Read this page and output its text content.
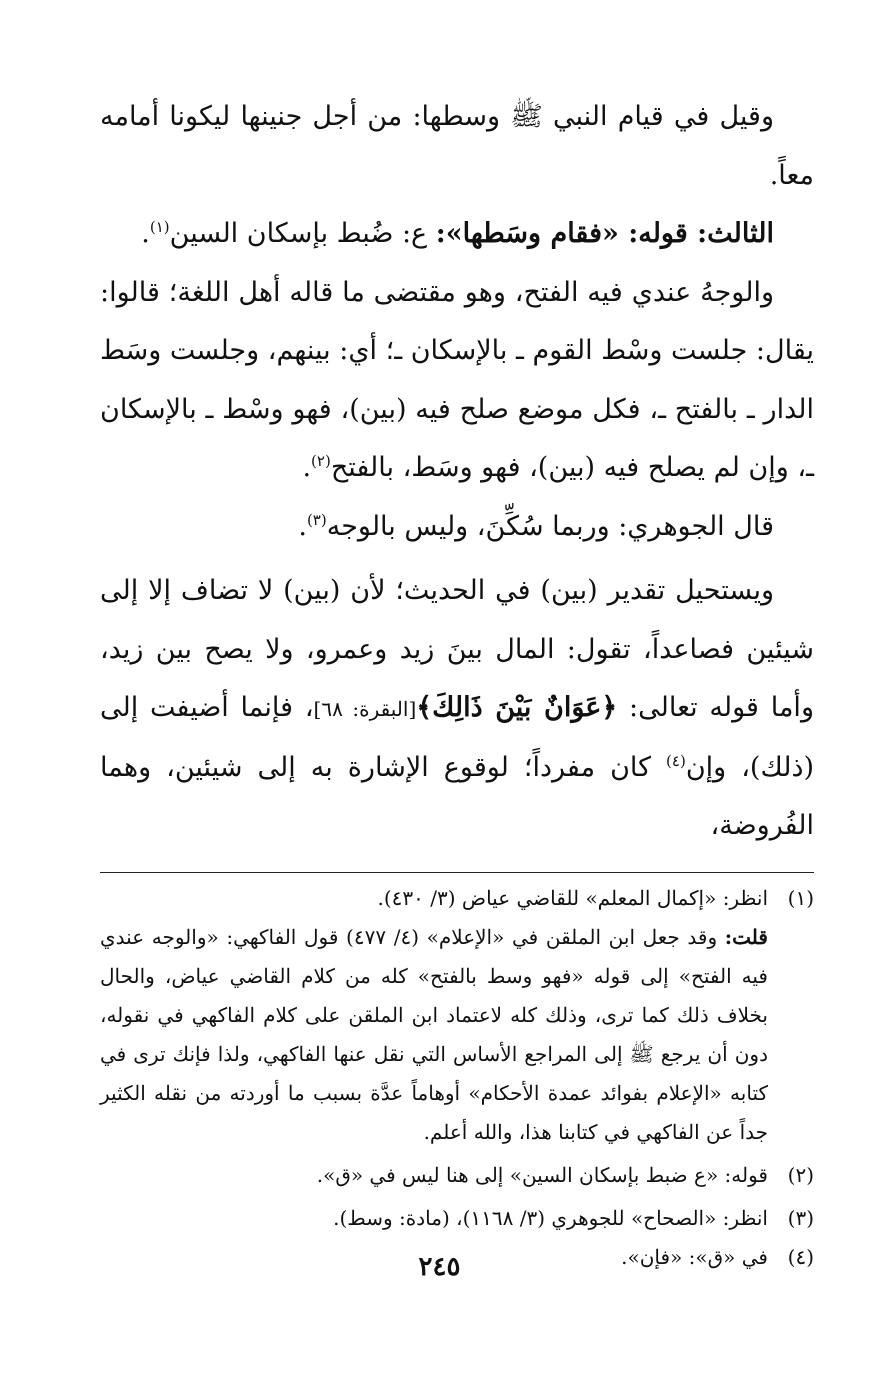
وقيل في قيام النبي ﷺ وسطها: من أجل جنينها ليكونا أمامه معاً.

الثالث: قوله: «فقام وسَطها»: ع: ضُبط بإسكان السين$^{(١)}$.

والوجهُ عندي فيه الفتح، وهو مقتضى ما قاله أهل اللغة؛ قالوا: يقال: جلست وسْط القوم ـ بالإسكان ـ؛ أي: بينهم، وجلست وسَط الدار ـ بالفتح ـ، فكل موضع صلح فيه (بين)، فهو وسْط ـ بالإسكان ـ، وإن لم يصلح فيه (بين)، فهو وسَط، بالفتح$^{(٢)}$.

قال الجوهري: وربما سُكِّنَ، وليس بالوجه$^{(٣)}$.

ويستحيل تقدير (بين) في الحديث؛ لأن (بين) لا تضاف إلا إلى شيئين فصاعداً، تقول: المال بينَ زيد وعمرو، ولا يصح بين زيد، وأما قوله تعالى: ﴿عَوَانٌ بَيْنَ ذَالِكَ﴾[البقرة: ٦٨]، فإنما أضيفت إلى (ذلك)، وإن$^{(٤)}$ كان مفرداً؛ لوقوع الإشارة به إلى شيئين، وهما الفُروضة،

(١)

انظر: «إكمال المعلم» للقاضي عياض (٣/ ٤٣٠).

قلت: وقد جعل ابن الملقن في «الإعلام» (٤/ ٤٧٧) قول الفاكهي: «والوجه عندي فيه الفتح» إلى قوله «فهو وسط بالفتح» كله من كلام القاضي عياض، والحال بخلاف ذلك كما ترى، وذلك كله لاعتماد ابن الملقن على كلام الفاكهي في نقوله، دون أن يرجع ﷺ إلى المراجع الأساس التي نقل عنها الفاكهي، ولذا فإنك ترى في كتابه «الإعلام بفوائد عمدة الأحكام» أوهاماً عدَّة بسبب ما أوردته من نقله الكثير جداً عن الفاكهي في كتابنا هذا، والله أعلم.

(٢)
قوله: «ع ضبط بإسكان السين» إلى هنا ليس في «ق».
(٣)
انظر: «الصحاح» للجوهري (٣/ ١١٦٨)، (مادة: وسط).
(٤)
في «ق»: «فإن».
٢٤٥
